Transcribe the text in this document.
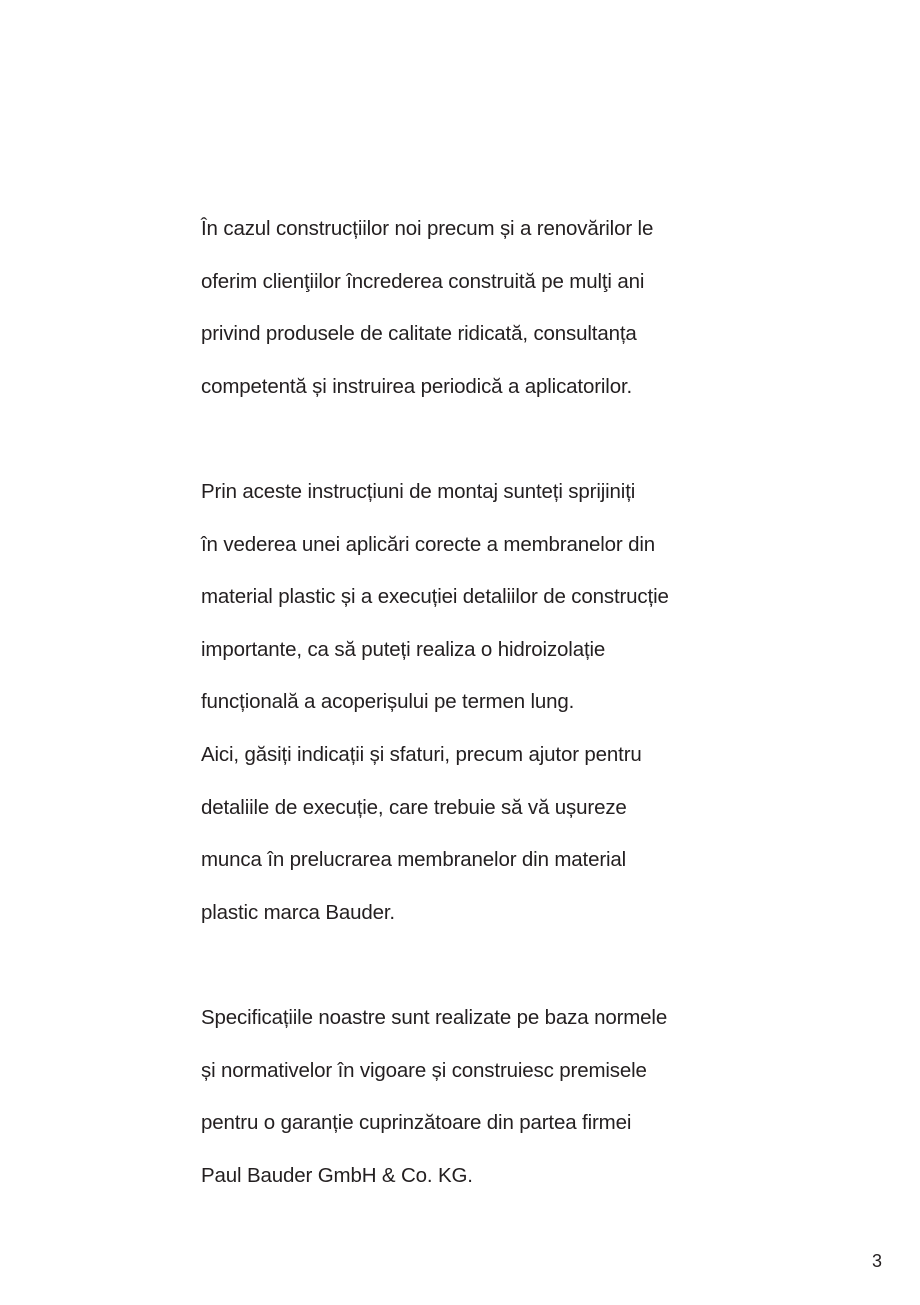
În cazul construcțiilor noi precum și a renovărilor le
oferim clienţiilor încrederea construită pe mulţi ani
privind produsele de calitate ridicată, consultanța
competentă și instruirea periodică a aplicatorilor.
Prin aceste instrucțiuni de montaj sunteți sprijiniți
în vederea unei aplicări corecte a membranelor din
material plastic și a execuției detaliilor de construcție
importante, ca să puteți realiza o hidroizolație
funcțională a acoperișului pe termen lung.
Aici, găsiți indicații și sfaturi, precum ajutor pentru
detaliile de execuție, care trebuie să vă ușureze
munca în prelucrarea membranelor din material
plastic marca Bauder.
Specificațiile noastre sunt realizate pe baza normele
și normativelor în vigoare și construiesc premisele
pentru o garanție cuprinzătoare din partea firmei
Paul Bauder GmbH & Co. KG.
3
